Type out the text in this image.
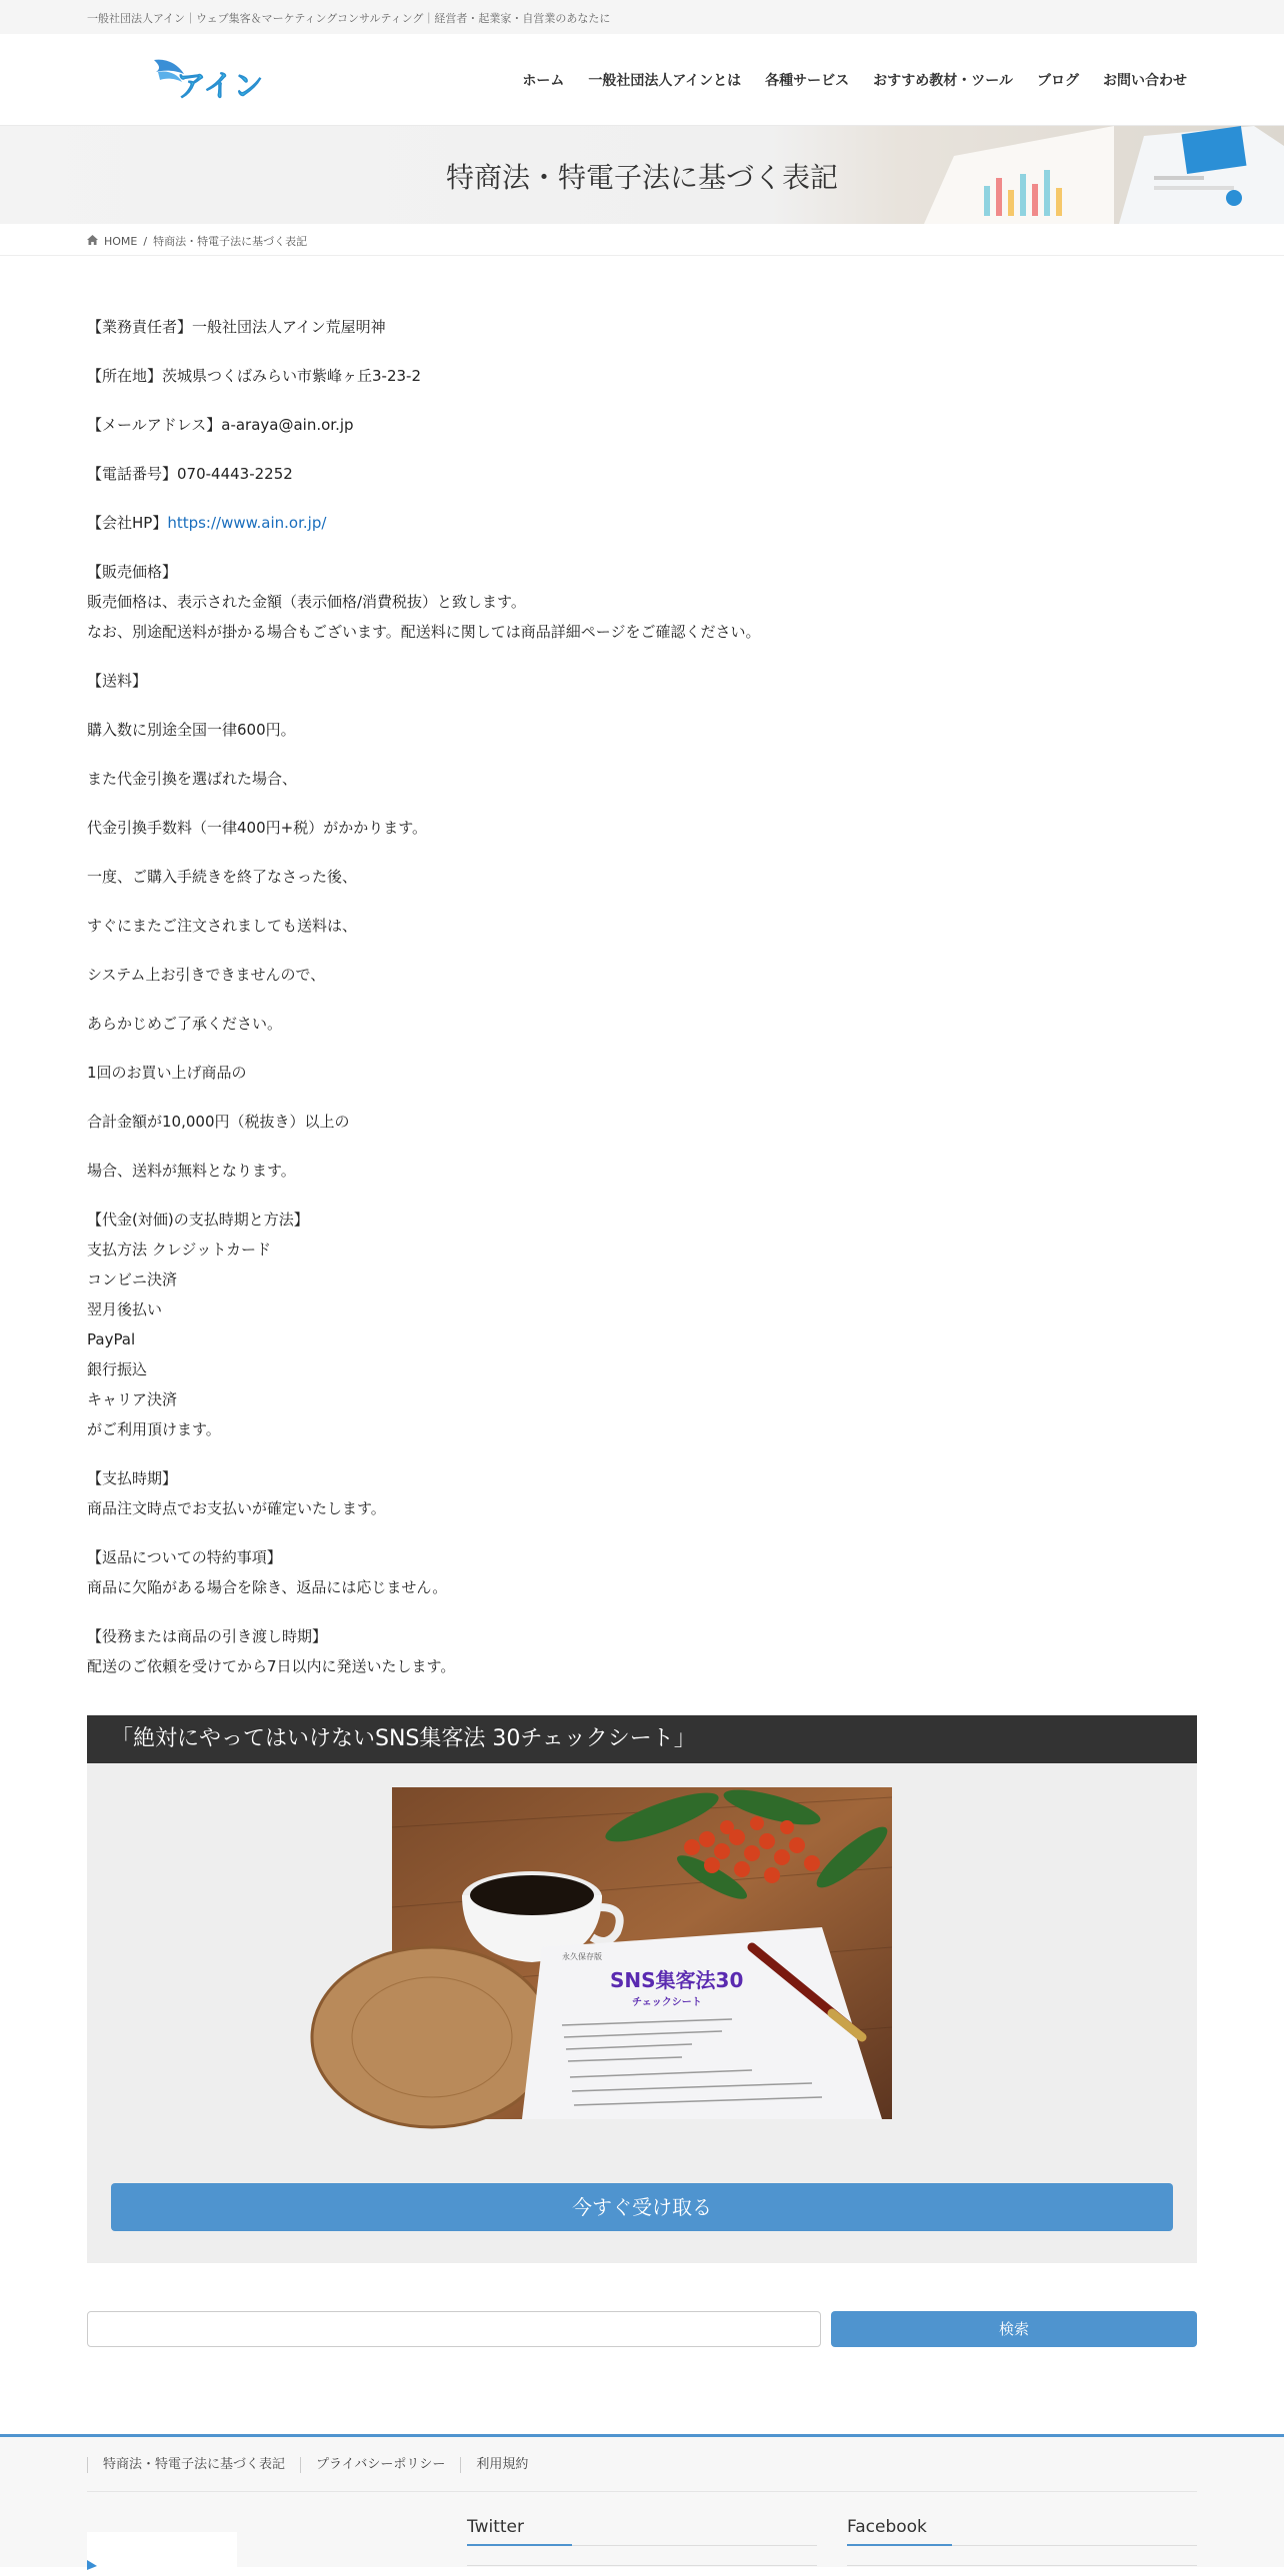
一般社団法人アイン｜ウェブ集客＆マーケティングコンサルティング｜経営者・起業家・自営業のあなたに
アイン	ホーム 一般社団法人アインとは 各種サービス おすすめ教材・ツール ブログ お問い合わせ
特商法・特電子法に基づく表記
HOME / 特商法・特電子法に基づく表記

【業務責任者】一般社団法人アイン荒屋明神

【所在地】茨城県つくばみらい市紫峰ヶ丘3-23-2

【メールアドレス】a-araya@ain.or.jp

【電話番号】070-4443-2252

【会社HP】https://www.ain.or.jp/

【販売価格】
販売価格は、表示された金額（表示価格/消費税抜）と致します。
なお、別途配送料が掛かる場合もございます。配送料に関しては商品詳細ページをご確認ください。

【送料】

購入数に別途全国一律600円。

また代金引換を選ばれた場合、

代金引換手数料（一律400円+税）がかかります。

一度、ご購入手続きを終了なさった後、

すぐにまたご注文されましても送料は、

システム上お引きできませんので、

あらかじめご了承ください。

1回のお買い上げ商品の

合計金額が10,000円（税抜き）以上の

場合、送料が無料となります。

【代金(対価)の支払時期と方法】
支払方法 クレジットカード
コンビニ決済
翌月後払い
PayPal
銀行振込
キャリア決済
がご利用頂けます。

【支払時期】
商品注文時点でお支払いが確定いたします。

【返品についての特約事項】
商品に欠陥がある場合を除き、返品には応じません。

【役務または商品の引き渡し時期】
配送のご依頼を受けてから7日以内に発送いたします。

「絶対にやってはいけないSNS集客法 30チェックシート」
永久保存版
SNS集客法30
チェックシート
今すぐ受け取る
検索
特商法・特電子法に基づく表記	プライバシーポリシー	利用規約
Twitter	Facebook
